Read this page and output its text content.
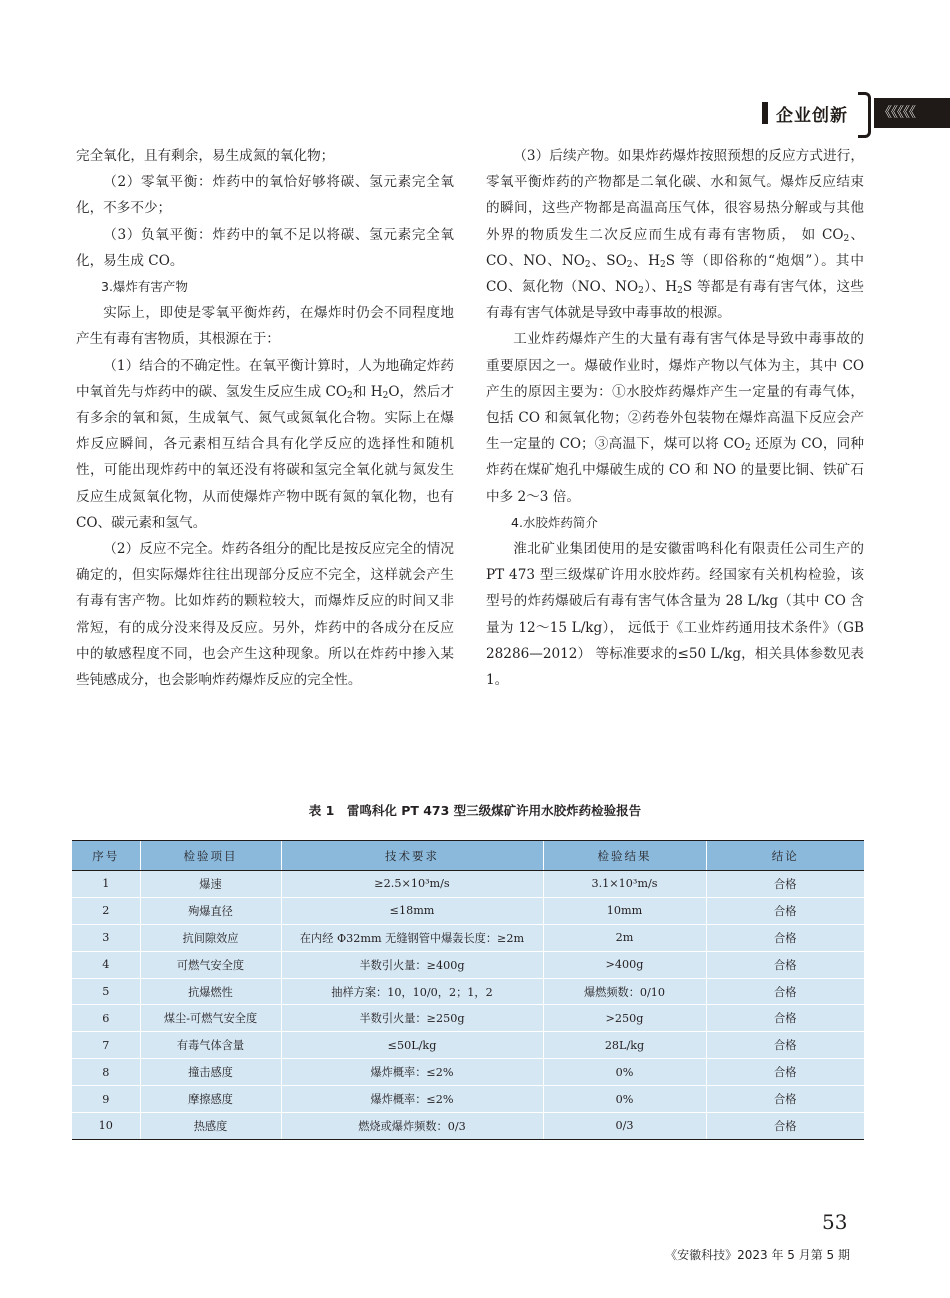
企业创新 《《《《《

完全氧化，且有剩余，易生成氮的氧化物；

（2）零氧平衡：炸药中的氧恰好够将碳、氢元素完全氧化，不多不少；

（3）负氧平衡：炸药中的氧不足以将碳、氢元素完全氧化，易生成 CO。

3.爆炸有害产物

实际上，即使是零氧平衡炸药，在爆炸时仍会不同程度地产生有毒有害物质，其根源在于：

（1）结合的不确定性。在氧平衡计算时，人为地确定炸药中氧首先与炸药中的碳、氢发生反应生成 $CO_2$和 $H_2O$，然后才有多余的氧和氮，生成氧气、氮气或氮氧化合物。实际上在爆炸反应瞬间，各元素相互结合具有化学反应的选择性和随机性，可能出现炸药中的氧还没有将碳和氢完全氧化就与氮发生反应生成氮氧化物，从而使爆炸产物中既有氮的氧化物，也有 CO、碳元素和氢气。

（2）反应不完全。炸药各组分的配比是按反应完全的情况确定的，但实际爆炸往往出现部分反应不完全，这样就会产生有毒有害产物。比如炸药的颗粒较大，而爆炸反应的时间又非常短，有的成分没来得及反应。另外，炸药中的各成分在反应中的敏感程度不同，也会产生这种现象。所以在炸药中掺入某些钝感成分，也会影响炸药爆炸反应的完全性。

（3）后续产物。如果炸药爆炸按照预想的反应方式进行，零氧平衡炸药的产物都是二氧化碳、水和氮气。爆炸反应结束的瞬间，这些产物都是高温高压气体，很容易热分解或与其他外界的物质发生二次反应而生成有毒有害物质， 如 $CO_2$、CO、NO、$NO_2$、$SO_2$、$H_2S$ 等（即俗称的“炮烟”）。其中 CO、氮化物（NO、$NO_2$）、$H_2S$ 等都是有毒有害气体，这些有毒有害气体就是导致中毒事故的根源。

工业炸药爆炸产生的大量有毒有害气体是导致中毒事故的重要原因之一。爆破作业时，爆炸产物以气体为主，其中 CO 产生的原因主要为：①水胶炸药爆炸产生一定量的有毒气体，包括 CO 和氮氧化物；②药卷外包装物在爆炸高温下反应会产生一定量的 CO；③高温下，煤可以将 $CO_2$ 还原为 CO，同种炸药在煤矿炮孔中爆破生成的 CO 和 NO 的量要比铜、铁矿石中多 2～3 倍。

4.水胶炸药简介

淮北矿业集团使用的是安徽雷鸣科化有限责任公司生产的 PT 473 型三级煤矿许用水胶炸药。经国家有关机构检验，该型号的炸药爆破后有毒有害气体含量为 28 L/kg（其中 CO 含量为 12～15 L/kg）， 远低于《工业炸药通用技术条件》（GB 28286—2012） 等标准要求的≤50 L/kg，相关具体参数见表 1。

表 1　雷鸣科化 PT 473 型三级煤矿许用水胶炸药检验报告
序号	检验项目	技术要求	检验结果	结论
1	爆速	≥2.5×10³m/s	3.1×10³m/s	合格
2	殉爆直径	≤18mm	10mm	合格
3	抗间隙效应	在内经 Φ32mm 无缝钢管中爆轰长度：≥2m	2m	合格
4	可燃气安全度	半数引火量：≥400g	>400g	合格
5	抗爆燃性	抽样方案：10，10/0，2；1，2	爆燃频数：0/10	合格
6	煤尘-可燃气安全度	半数引火量：≥250g	>250g	合格
7	有毒气体含量	≤50L/kg	28L/kg	合格
8	撞击感度	爆炸概率：≤2%	0%	合格
9	摩擦感度	爆炸概率：≤2%	0%	合格
10	热感度	燃烧或爆炸频数：0/3	0/3	合格
53
《安徽科技》2023 年 5 月第 5 期
